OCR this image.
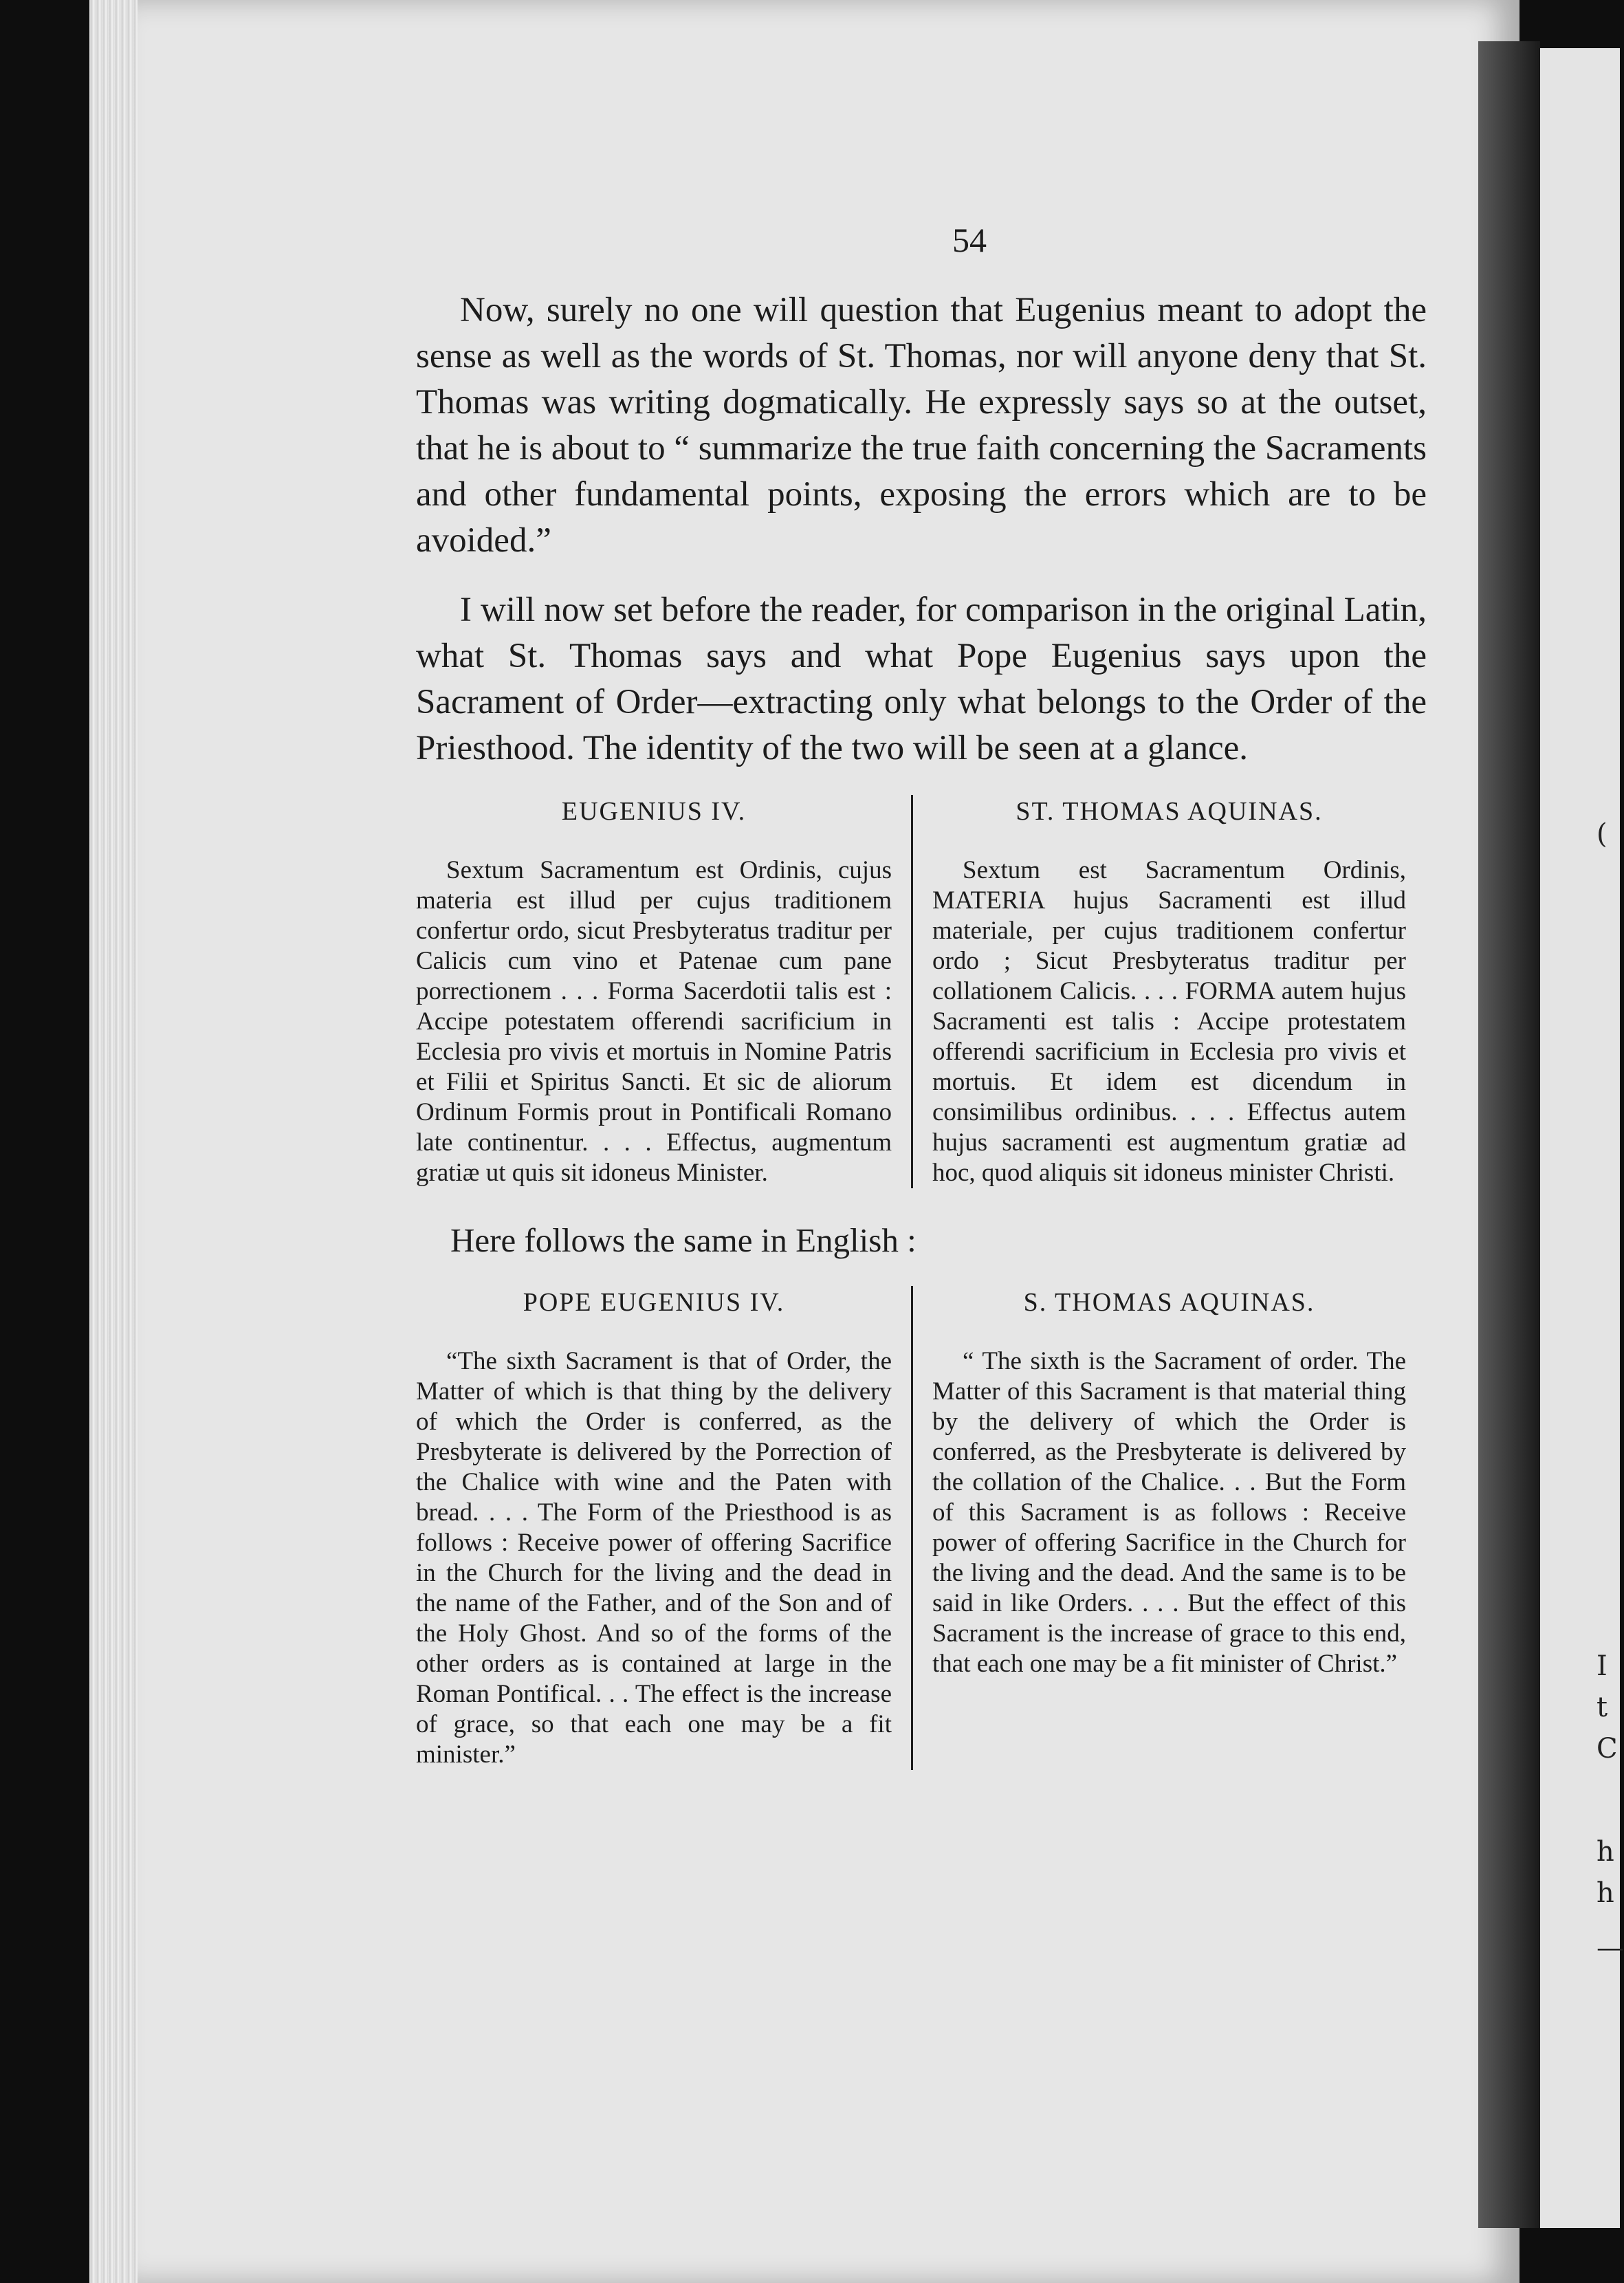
(
I
t
C
h
h
—
54

Now, surely no one will question that Eugenius meant to adopt the sense as well as the words of St. Thomas, nor will anyone deny that St. Thomas was writing dogmatically. He expressly says so at the outset, that he is about to “ summarize the true faith concerning the Sacraments and other fundamental points, exposing the errors which are to be avoided.”

I will now set before the reader, for comparison in the original Latin, what St. Thomas says and what Pope Eugenius says upon the Sacrament of Order—extracting only what belongs to the Order of the Priesthood. The identity of the two will be seen at a glance.

EUGENIUS IV.

Sextum Sacramentum est Ordinis, cujus materia est illud per cujus traditionem confertur ordo, sicut Presbyteratus traditur per Calicis cum vino et Patenae cum pane porrectionem . . . Forma Sacerdotii talis est : Accipe potestatem offerendi sacrificium in Ecclesia pro vivis et mortuis in Nomine Patris et Filii et Spiritus Sancti. Et sic de aliorum Ordinum Formis prout in Pontificali Romano late continentur. . . . Effectus, augmentum gratiæ ut quis sit idoneus Minister.

ST. THOMAS AQUINAS.

Sextum est Sacramentum Ordinis, MATERIA hujus Sacramenti est illud materiale, per cujus traditionem confertur ordo ; Sicut Presbyteratus traditur per collationem Calicis. . . . FORMA autem hujus Sacramenti est talis : Accipe protestatem offerendi sacrificium in Ecclesia pro vivis et mortuis. Et idem est dicendum in consimilibus ordinibus. . . . Effectus autem hujus sacramenti est augmentum gratiæ ad hoc, quod aliquis sit idoneus minister Christi.

Here follows the same in English :
POPE EUGENIUS IV.

“The sixth Sacrament is that of Order, the Matter of which is that thing by the delivery of which the Order is conferred, as the Presbyterate is delivered by the Porrection of the Chalice with wine and the Paten with bread. . . . The Form of the Priesthood is as follows : Receive power of offering Sacrifice in the Church for the living and the dead in the name of the Father, and of the Son and of the Holy Ghost. And so of the forms of the other orders as is contained at large in the Roman Pontifical. . . The effect is the increase of grace, so that each one may be a fit minister.”

S. THOMAS AQUINAS.

“ The sixth is the Sacrament of order. The Matter of this Sacrament is that material thing by the delivery of which the Order is conferred, as the Presbyterate is delivered by the collation of the Chalice. . . But the Form of this Sacrament is as follows : Receive power of offering Sacrifice in the Church for the living and the dead. And the same is to be said in like Orders. . . . But the effect of this Sacrament is the increase of grace to this end, that each one may be a fit minister of Christ.”
